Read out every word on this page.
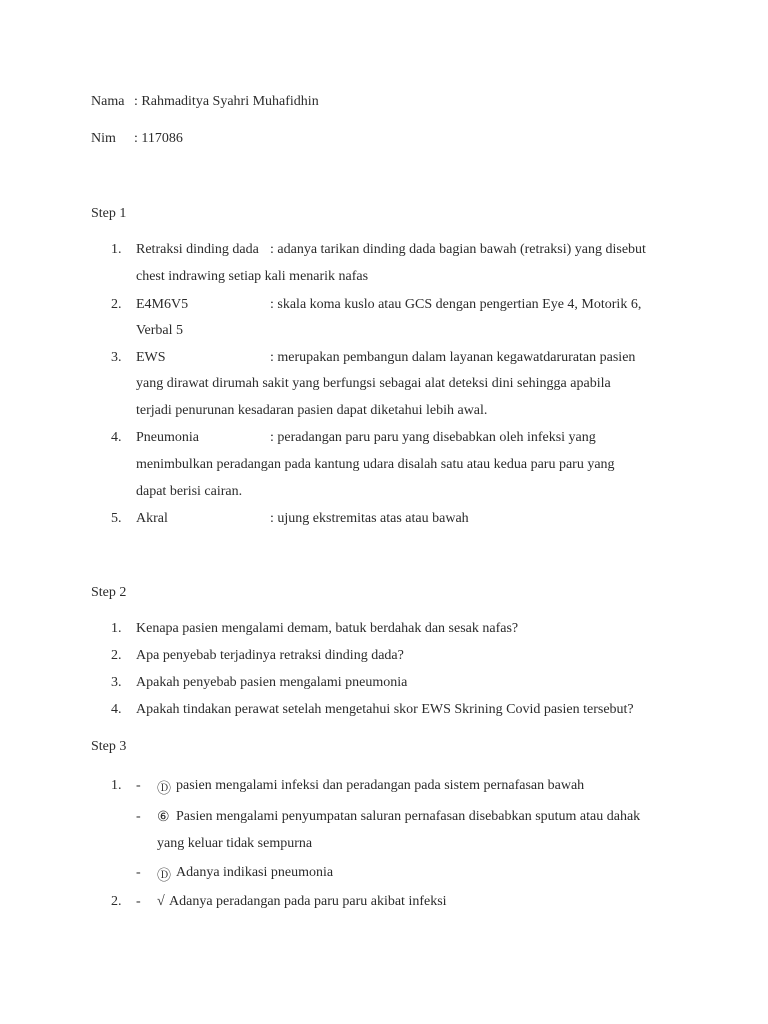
Nama : Rahmaditya Syahri Muhafidhin
Nim : 117086
Step 1
1. Retraksi dinding dada : adanya tarikan dinding dada bagian bawah (retraksi) yang disebut
chest indrawing setiap kali menarik nafas
2. E4M6V5	: skala koma kuslo atau GCS dengan pengertian Eye 4, Motorik 6,
Verbal 5
3. EWS	: merupakan pembangun dalam layanan kegawatdaruratan pasien
yang dirawat dirumah sakit yang berfungsi sebagai alat deteksi dini sehingga apabila
terjadi penurunan kesadaran pasien dapat diketahui lebih awal.
4. Pneumonia	: peradangan paru paru yang disebabkan oleh infeksi yang
menimbulkan peradangan pada kantung udara disalah satu atau kedua paru paru yang
dapat berisi cairan.
5. Akral	: ujung ekstremitas atas atau bawah
Step 2
1. Kenapa pasien mengalami demam, batuk berdahak dan sesak nafas?
2. Apa penyebab terjadinya retraksi dinding dada?
3. Apakah penyebab pasien mengalami pneumonia
4. Apakah tindakan perawat setelah mengetahui skor EWS Skrining Covid pasien tersebut?
Step 3
1. - Ⓓ pasien mengalami infeksi dan peradangan pada sistem pernafasan bawah
- ⑥ Pasien mengalami penyumpatan saluran pernafasan disebabkan sputum atau dahak
yang keluar tidak sempurna
- Ⓓ Adanya indikasi pneumonia
2. - √ Adanya peradangan pada paru paru akibat infeksi
